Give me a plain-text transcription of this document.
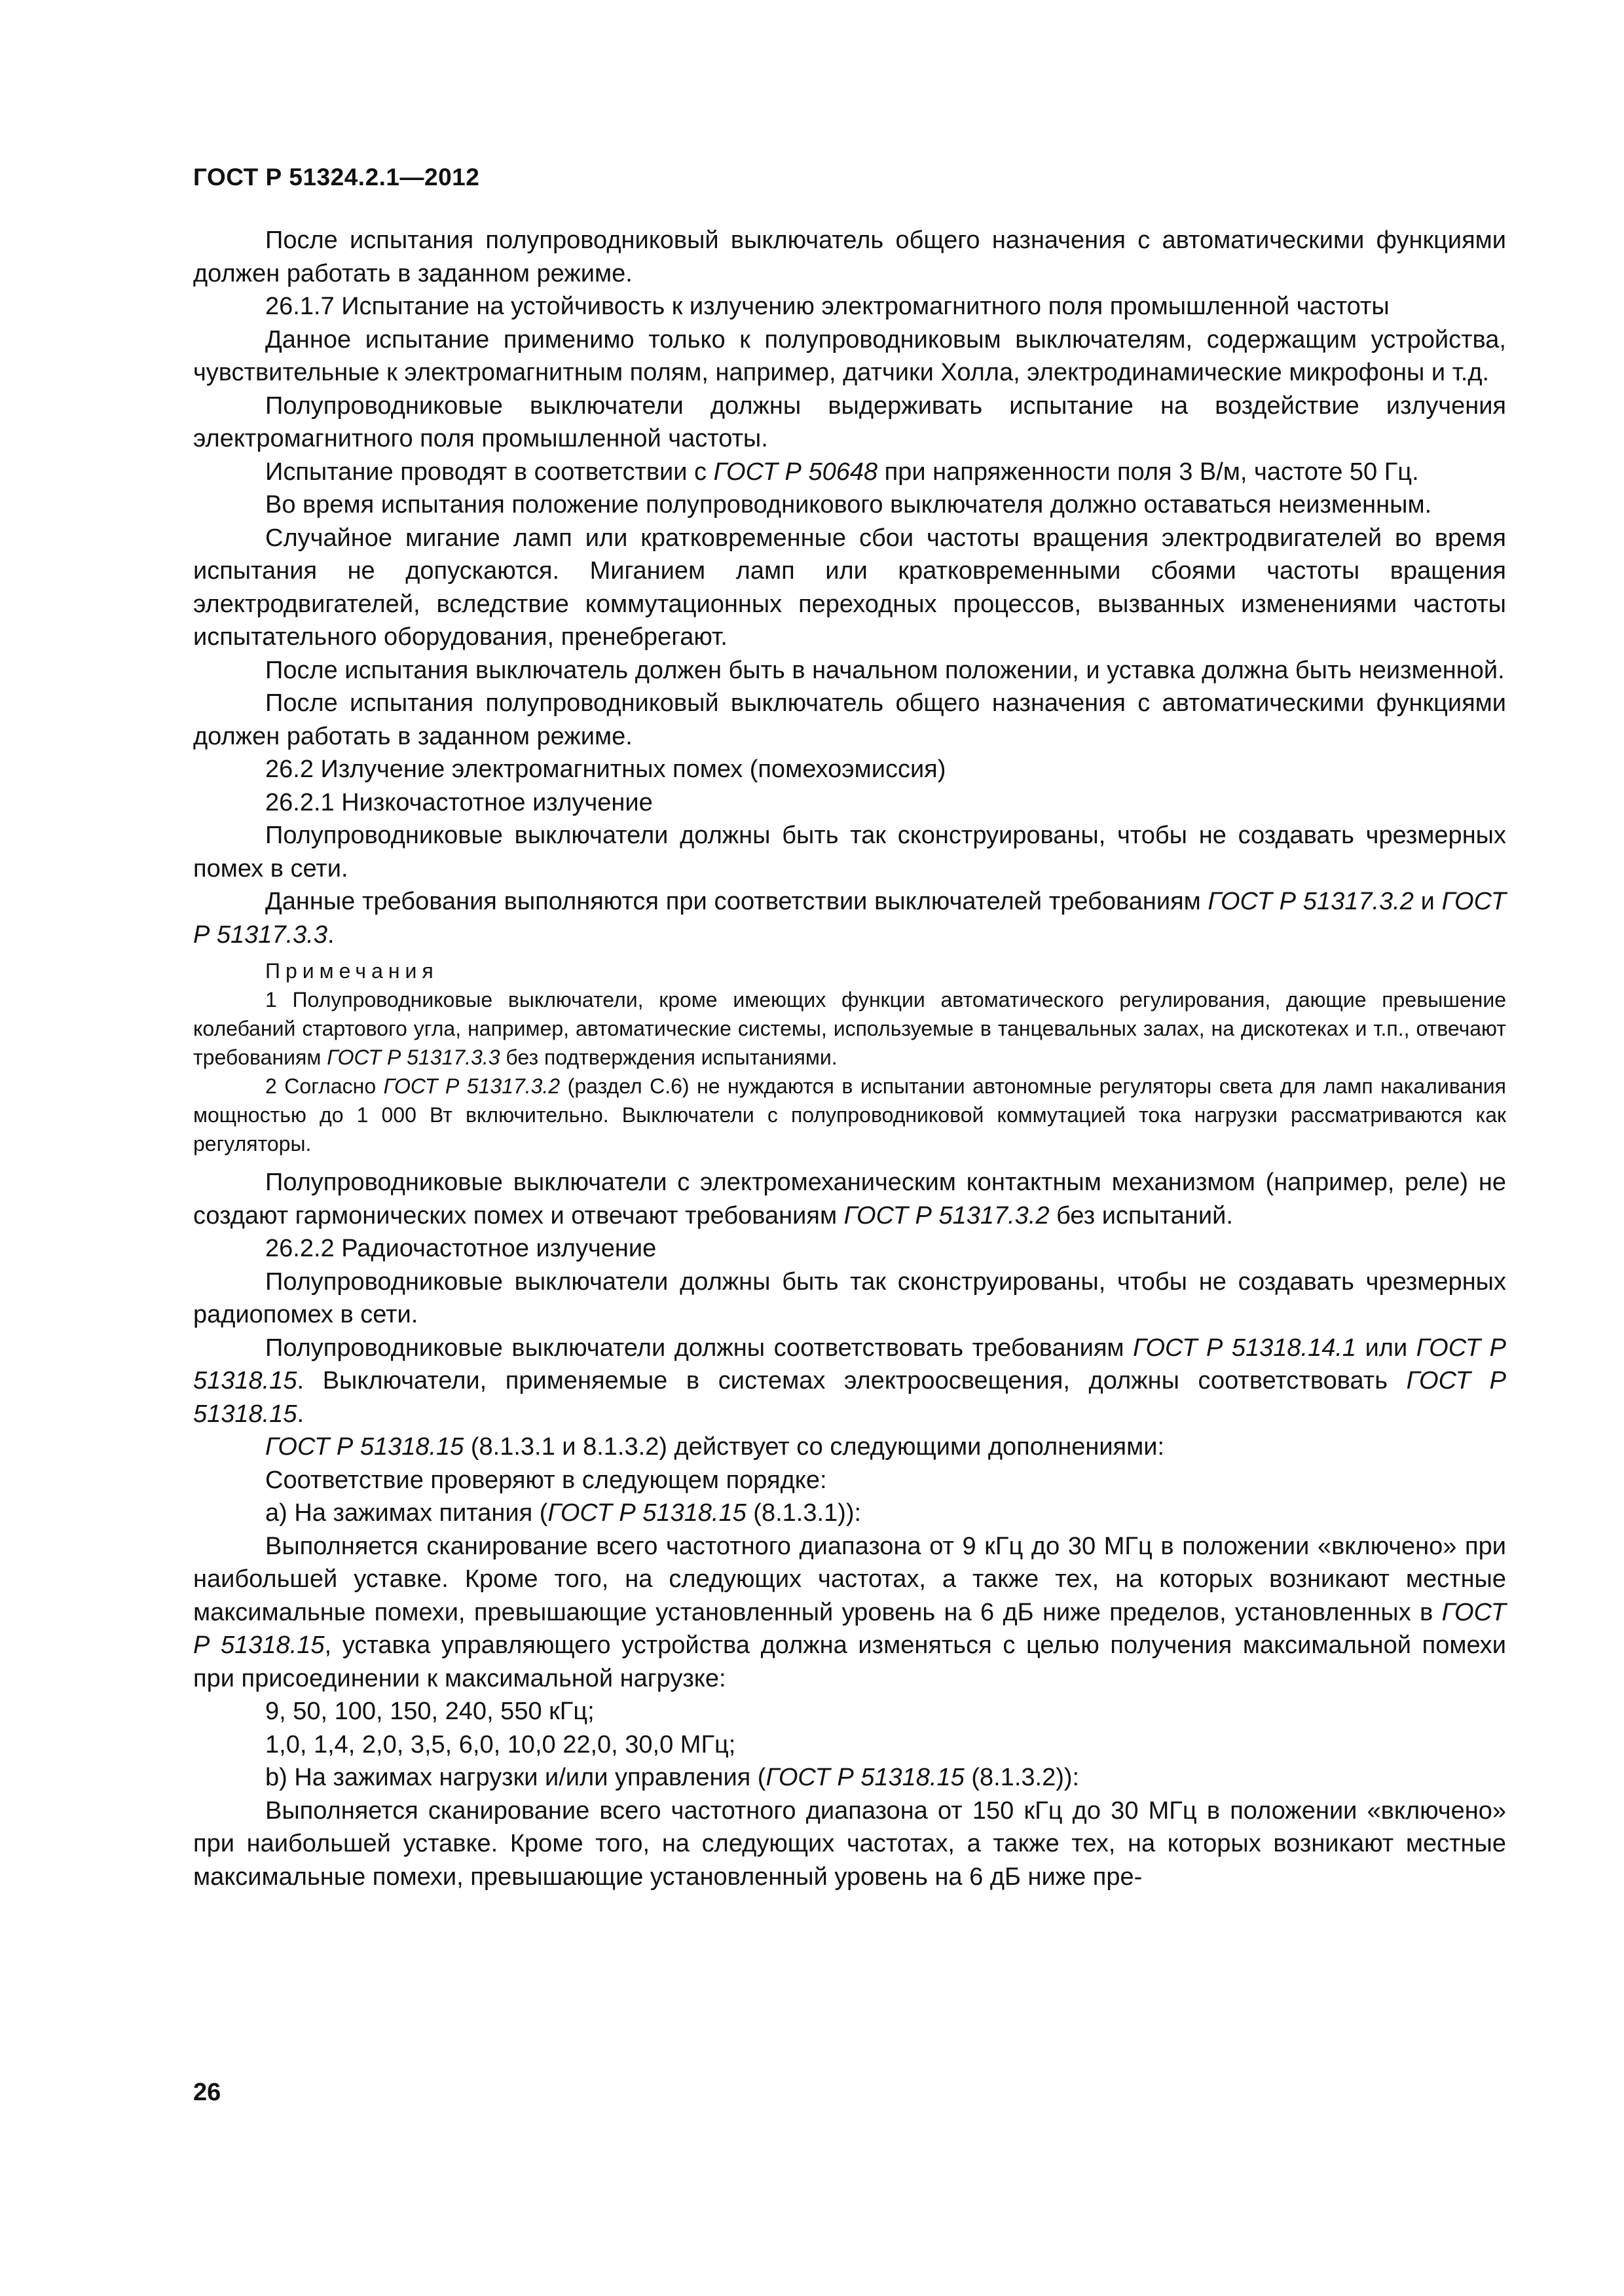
ГОСТ Р 51324.2.1—2012

После испытания полупроводниковый выключатель общего назначения с автоматическими функциями должен работать в заданном режиме.

26.1.7 Испытание на устойчивость к излучению электромагнитного поля промышленной частоты

Данное испытание применимо только к полупроводниковым выключателям, содержащим устройства, чувствительные к электромагнитным полям, например, датчики Холла, электродинамические микрофоны и т.д.

Полупроводниковые выключатели должны выдерживать испытание на воздействие излучения электромагнитного поля промышленной частоты.

Испытание проводят в соответствии с ГОСТ Р 50648 при напряженности поля 3 В/м, частоте 50 Гц.

Во время испытания положение полупроводникового выключателя должно оставаться неизменным.

Случайное мигание ламп или кратковременные сбои частоты вращения электродвигателей во время испытания не допускаются. Миганием ламп или кратковременными сбоями частоты вращения электродвигателей, вследствие коммутационных переходных процессов, вызванных изменениями частоты испытательного оборудования, пренебрегают.

После испытания выключатель должен быть в начальном положении, и уставка должна быть неизменной.

После испытания полупроводниковый выключатель общего назначения с автоматическими функциями должен работать в заданном режиме.

26.2 Излучение электромагнитных помех (помехоэмиссия)

26.2.1 Низкочастотное излучение

Полупроводниковые выключатели должны быть так сконструированы, чтобы не создавать чрезмерных помех в сети.

Данные требования выполняются при соответствии выключателей требованиям ГОСТ Р 51317.3.2 и ГОСТ Р 51317.3.3.

Примечания

1 Полупроводниковые выключатели, кроме имеющих функции автоматического регулирования, дающие превышение колебаний стартового угла, например, автоматические системы, используемые в танцевальных залах, на дискотеках и т.п., отвечают требованиям ГОСТ Р 51317.3.3 без подтверждения испытаниями.

2 Согласно ГОСТ Р 51317.3.2 (раздел С.6) не нуждаются в испытании автономные регуляторы света для ламп накаливания мощностью до 1 000 Вт включительно. Выключатели с полупроводниковой коммутацией тока нагрузки рассматриваются как регуляторы.

Полупроводниковые выключатели с электромеханическим контактным механизмом (например, реле) не создают гармонических помех и отвечают требованиям ГОСТ Р 51317.3.2 без испытаний.

26.2.2 Радиочастотное излучение

Полупроводниковые выключатели должны быть так сконструированы, чтобы не создавать чрезмерных радиопомех в сети.

Полупроводниковые выключатели должны соответствовать требованиям ГОСТ Р 51318.14.1 или ГОСТ Р 51318.15. Выключатели, применяемые в системах электроосвещения, должны соответствовать ГОСТ Р 51318.15.

ГОСТ Р 51318.15 (8.1.3.1 и 8.1.3.2) действует со следующими дополнениями:

Соответствие проверяют в следующем порядке:

а) На зажимах питания (ГОСТ Р 51318.15 (8.1.3.1)):

Выполняется сканирование всего частотного диапазона от 9 кГц до 30 МГц в положении «включено» при наибольшей уставке. Кроме того, на следующих частотах, а также тех, на которых возникают местные максимальные помехи, превышающие установленный уровень на 6 дБ ниже пределов, установленных в ГОСТ Р 51318.15, уставка управляющего устройства должна изменяться с целью получения максимальной помехи при присоединении к максимальной нагрузке:

9, 50, 100, 150, 240, 550 кГц;

1,0, 1,4, 2,0, 3,5, 6,0, 10,0 22,0, 30,0 МГц;

b) На зажимах нагрузки и/или управления (ГОСТ Р 51318.15 (8.1.3.2)):

Выполняется сканирование всего частотного диапазона от 150 кГц до 30 МГц в положении «включено» при наибольшей уставке. Кроме того, на следующих частотах, а также тех, на которых возникают местные максимальные помехи, превышающие установленный уровень на 6 дБ ниже пре-

26
